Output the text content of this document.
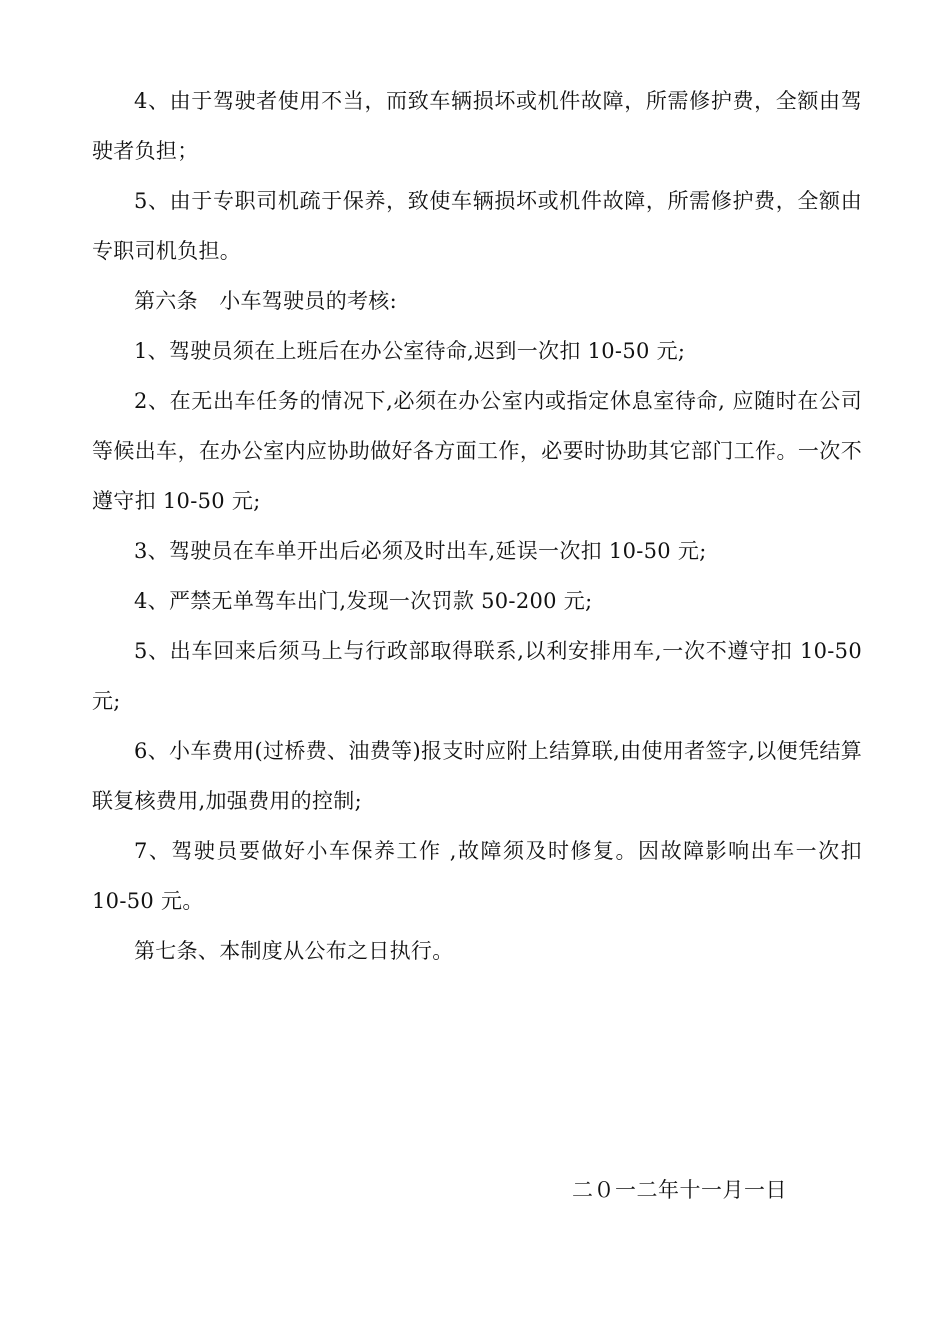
4、由于驾驶者使用不当，而致车辆损坏或机件故障，所需修护费，全额由驾驶者负担；

5、由于专职司机疏于保养，致使车辆损坏或机件故障，所需修护费，全额由专职司机负担。

第六条　小车驾驶员的考核:

1、驾驶员须在上班后在办公室待命,迟到一次扣 10-50 元;

2、在无出车任务的情况下,必须在办公室内或指定休息室待命, 应随时在公司等候出车，在办公室内应协助做好各方面工作，必要时协助其它部门工作。一次不遵守扣 10-50 元;

3、驾驶员在车单开出后必须及时出车,延误一次扣 10-50 元;

4、严禁无单驾车出门,发现一次罚款 50-200 元;

5、出车回来后须马上与行政部取得联系,以利安排用车,一次不遵守扣 10-50 元;

6、小车费用(过桥费、油费等)报支时应附上结算联,由使用者签字,以便凭结算联复核费用,加强费用的控制;

7、驾驶员要做好小车保养工作 ,故障须及时修复。因故障影响出车一次扣 10-50 元。

第七条、本制度从公布之日执行。

二０一二年十一月一日
